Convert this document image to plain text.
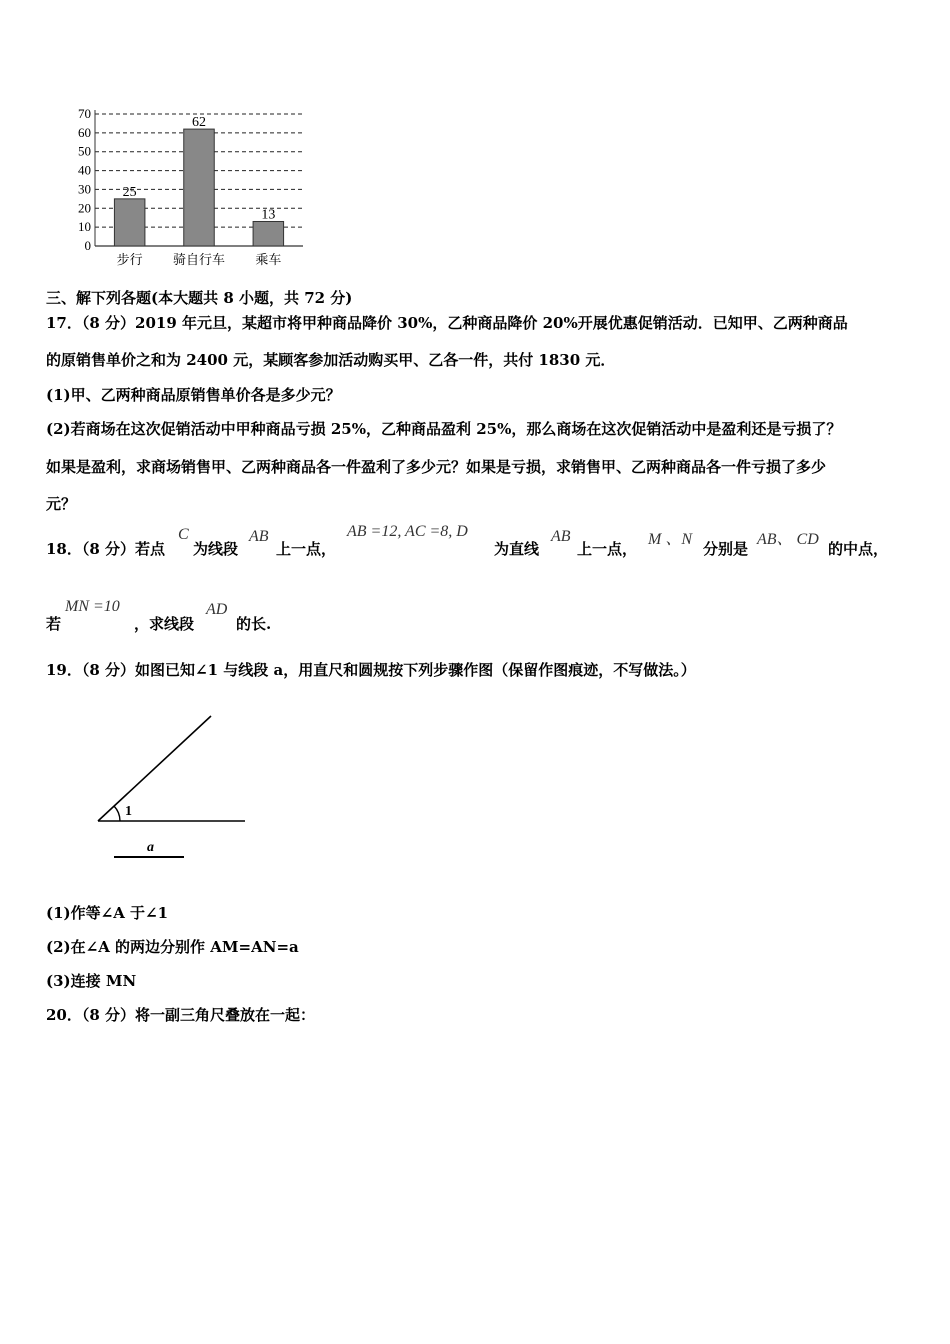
0
10
20
30
40
50
60
70
25
步行
62
骑自行车
13
乘车
三、解下列各题(本大题共 8 小题，共 72 分)
17．（8 分）2019 年元旦，某超市将甲种商品降价 30%，乙种商品降价 20%开展优惠促销活动．已知甲、乙两种商品
的原销售单价之和为 2400 元，某顾客参加活动购买甲、乙各一件，共付 1830 元．
(1)甲、乙两种商品原销售单价各是多少元？
(2)若商场在这次促销活动中甲种商品亏损 25%，乙种商品盈利 25%，那么商场在这次促销活动中是盈利还是亏损了？
如果是盈利，求商场销售甲、乙两种商品各一件盈利了多少元？如果是亏损，求销售甲、乙两种商品各一件亏损了多少
元？
18．（8 分）若点
C
为线段
AB
上一点，
AB =12, AC =8, D
为直线
AB
上一点，
M 、N
分别是
AB、 CD
的中点，
若
MN =10
，求线段
AD
的长.
19．（8 分）如图已知∠1 与线段 a，用直尺和圆规按下列步骤作图（保留作图痕迹，不写做法。）
1
a
(1)作等∠A 于∠1
(2)在∠A 的两边分别作 AM=AN=a
(3)连接 MN
20．（8 分）将一副三角尺叠放在一起：
